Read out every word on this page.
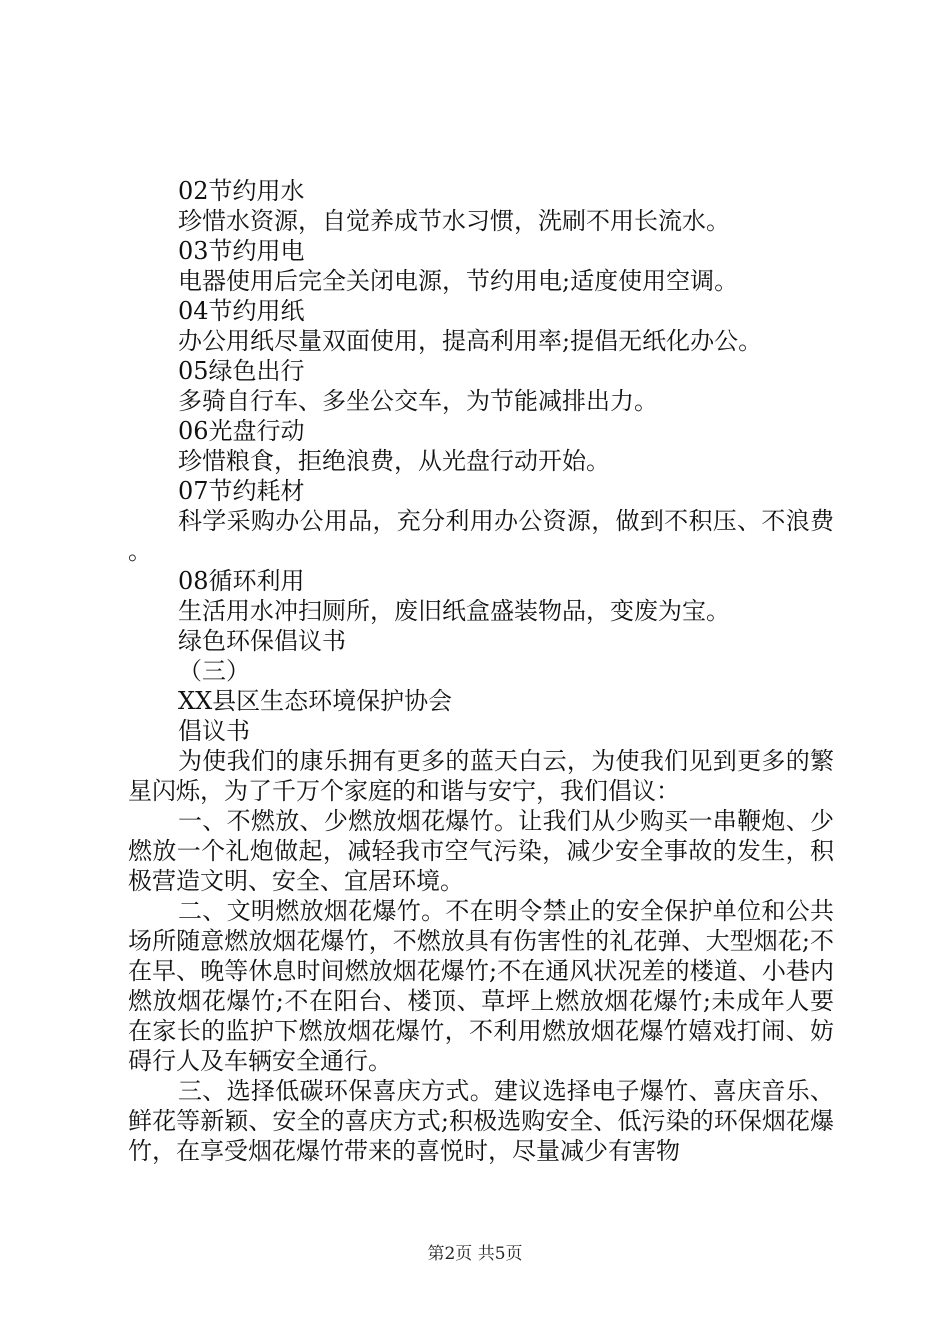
02节约用水
珍惜水资源，自觉养成节水习惯，洗刷不用长流水。
03节约用电
电器使用后完全关闭电源，节约用电;适度使用空调。
04节约用纸
办公用纸尽量双面使用，提高利用率;提倡无纸化办公。
05绿色出行
多骑自行车、多坐公交车，为节能减排出力。
06光盘行动
珍惜粮食，拒绝浪费，从光盘行动开始。
07节约耗材
科学采购办公用品，充分利用办公资源，做到不积压、不浪费。
08循环利用
生活用水冲扫厕所，废旧纸盒盛装物品，变废为宝。
绿色环保倡议书
（三）
XX县区生态环境保护协会
倡议书
为使我们的康乐拥有更多的蓝天白云，为使我们见到更多的繁星闪烁，为了千万个家庭的和谐与安宁，我们倡议：
一、不燃放、少燃放烟花爆竹。让我们从少购买一串鞭炮、少燃放一个礼炮做起，减轻我市空气污染，减少安全事故的发生，积极营造文明、安全、宜居环境。
二、文明燃放烟花爆竹。不在明令禁止的安全保护单位和公共场所随意燃放烟花爆竹，不燃放具有伤害性的礼花弹、大型烟花;不在早、晚等休息时间燃放烟花爆竹;不在通风状况差的楼道、小巷内燃放烟花爆竹;不在阳台、楼顶、草坪上燃放烟花爆竹;未成年人要在家长的监护下燃放烟花爆竹，不利用燃放烟花爆竹嬉戏打闹、妨碍行人及车辆安全通行。
三、选择低碳环保喜庆方式。建议选择电子爆竹、喜庆音乐、鲜花等新颖、安全的喜庆方式;积极选购安全、低污染的环保烟花爆竹，在享受烟花爆竹带来的喜悦时，尽量减少有害物
第2页 共5页
